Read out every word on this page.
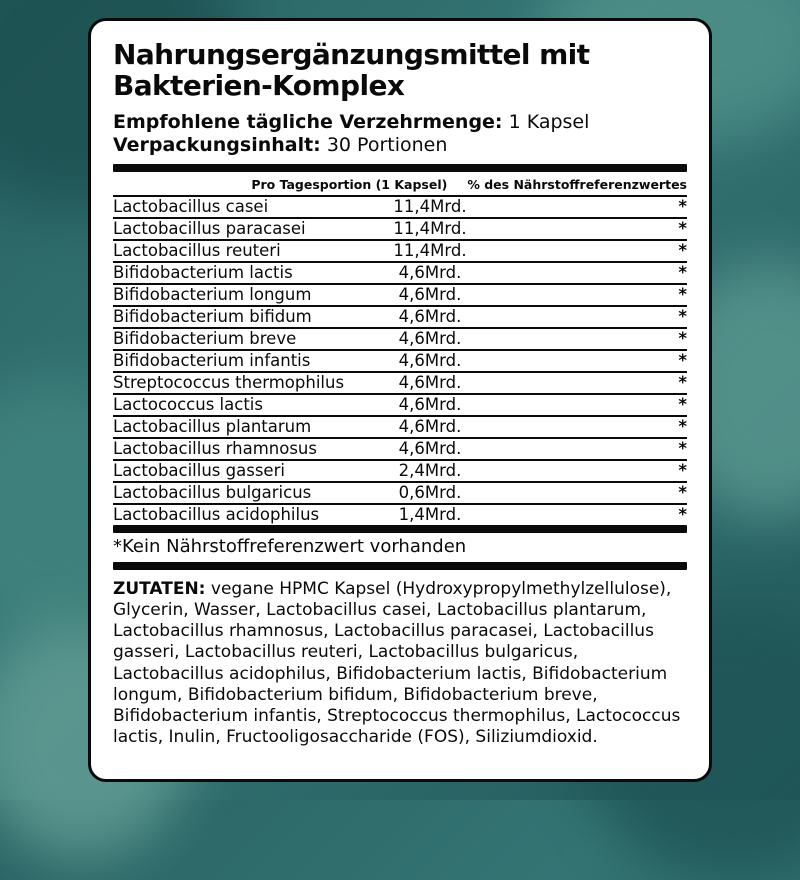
Nahrungsergänzungsmittel mit
Bakterien-Komplex

Empfohlene tägliche Verzehrmenge: 1 Kapsel

Verpackungsinhalt: 30 Portionen

Pro Tagesportion (1 Kapsel) % des Nährstoffreferenzwertes
Lactobacillus casei	11,4Mrd.	*
Lactobacillus paracasei	11,4Mrd.	*
Lactobacillus reuteri	11,4Mrd.	*
Bifidobacterium lactis	4,6Mrd.	*
Bifidobacterium longum	4,6Mrd.	*
Bifidobacterium bifidum	4,6Mrd.	*
Bifidobacterium breve	4,6Mrd.	*
Bifidobacterium infantis	4,6Mrd.	*
Streptococcus thermophilus	4,6Mrd.	*
Lactococcus lactis	4,6Mrd.	*
Lactobacillus plantarum	4,6Mrd.	*
Lactobacillus rhamnosus	4,6Mrd.	*
Lactobacillus gasseri	2,4Mrd.	*
Lactobacillus bulgaricus	0,6Mrd.	*
Lactobacillus acidophilus	1,4Mrd.	*

*Kein Nährstoffreferenzwert vorhanden

ZUTATEN: vegane HPMC Kapsel (Hydroxypropylmethylzellulose), Glycerin, Wasser, Lactobacillus casei, Lactobacillus plantarum, Lactobacillus rhamnosus, Lactobacillus paracasei, Lactobacillus gasseri, Lactobacillus reuteri, Lactobacillus bulgaricus, Lactobacillus acidophilus, Bifidobacterium lactis, Bifidobacterium longum, Bifidobacterium bifidum, Bifidobacterium breve, Bifidobacterium infantis, Streptococcus thermophilus, Lactococcus lactis, Inulin, Fructooligosaccharide (FOS), Siliziumdioxid.
